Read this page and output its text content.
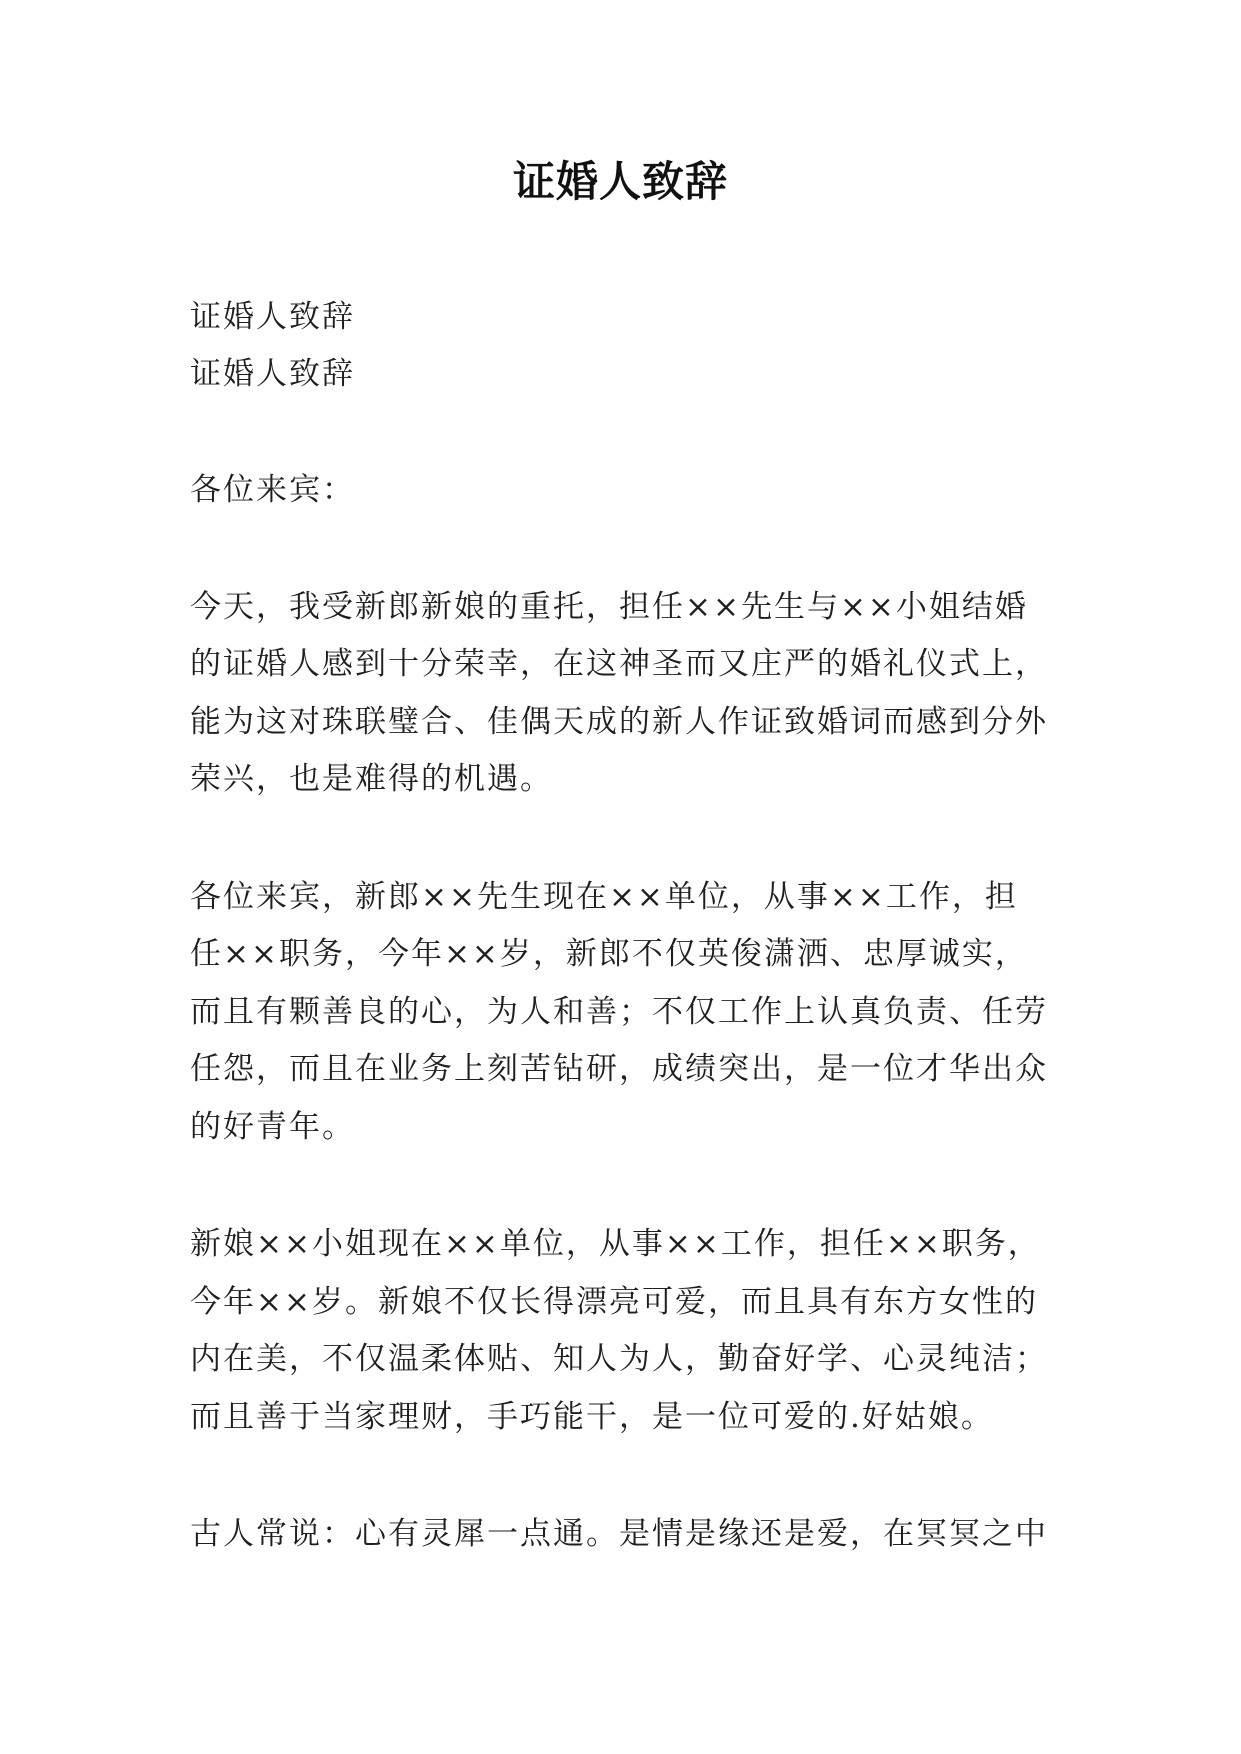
证婚人致辞
证婚人致辞
证婚人致辞
各位来宾：
今天，我受新郎新娘的重托，担任××先生与××小姐结婚
的证婚人感到十分荣幸，在这神圣而又庄严的婚礼仪式上，
能为这对珠联璧合、佳偶天成的新人作证致婚词而感到分外
荣兴，也是难得的机遇。
各位来宾，新郎××先生现在××单位，从事××工作，担
任××职务，今年××岁，新郎不仅英俊潇洒、忠厚诚实，
而且有颗善良的心，为人和善；不仅工作上认真负责、任劳
任怨，而且在业务上刻苦钻研，成绩突出，是一位才华出众
的好青年。
新娘××小姐现在××单位，从事××工作，担任××职务，
今年××岁。新娘不仅长得漂亮可爱，而且具有东方女性的
内在美，不仅温柔体贴、知人为人，勤奋好学、心灵纯洁；
而且善于当家理财，手巧能干，是一位可爱的.好姑娘。
古人常说：心有灵犀一点通。是情是缘还是爱，在冥冥之中
